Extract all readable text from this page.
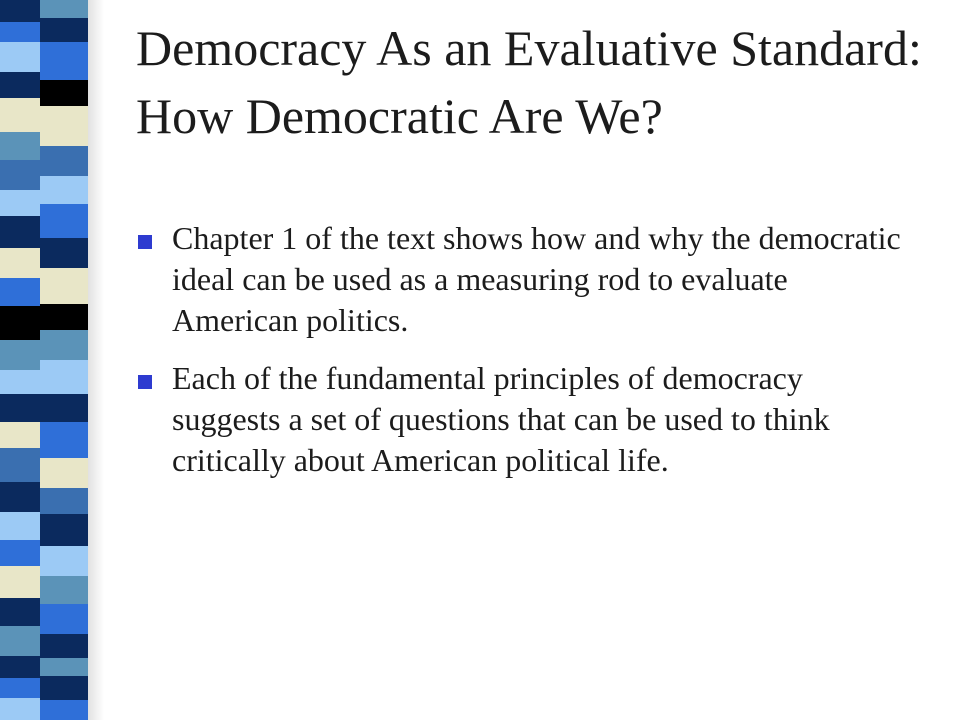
Democracy As an Evaluative Standard: How Democratic Are We?
Chapter 1 of the text shows how and why the democratic ideal can be used as a measuring rod to evaluate American politics.
Each of the fundamental principles of democracy suggests a set of questions that can be used to think critically about American political life.
